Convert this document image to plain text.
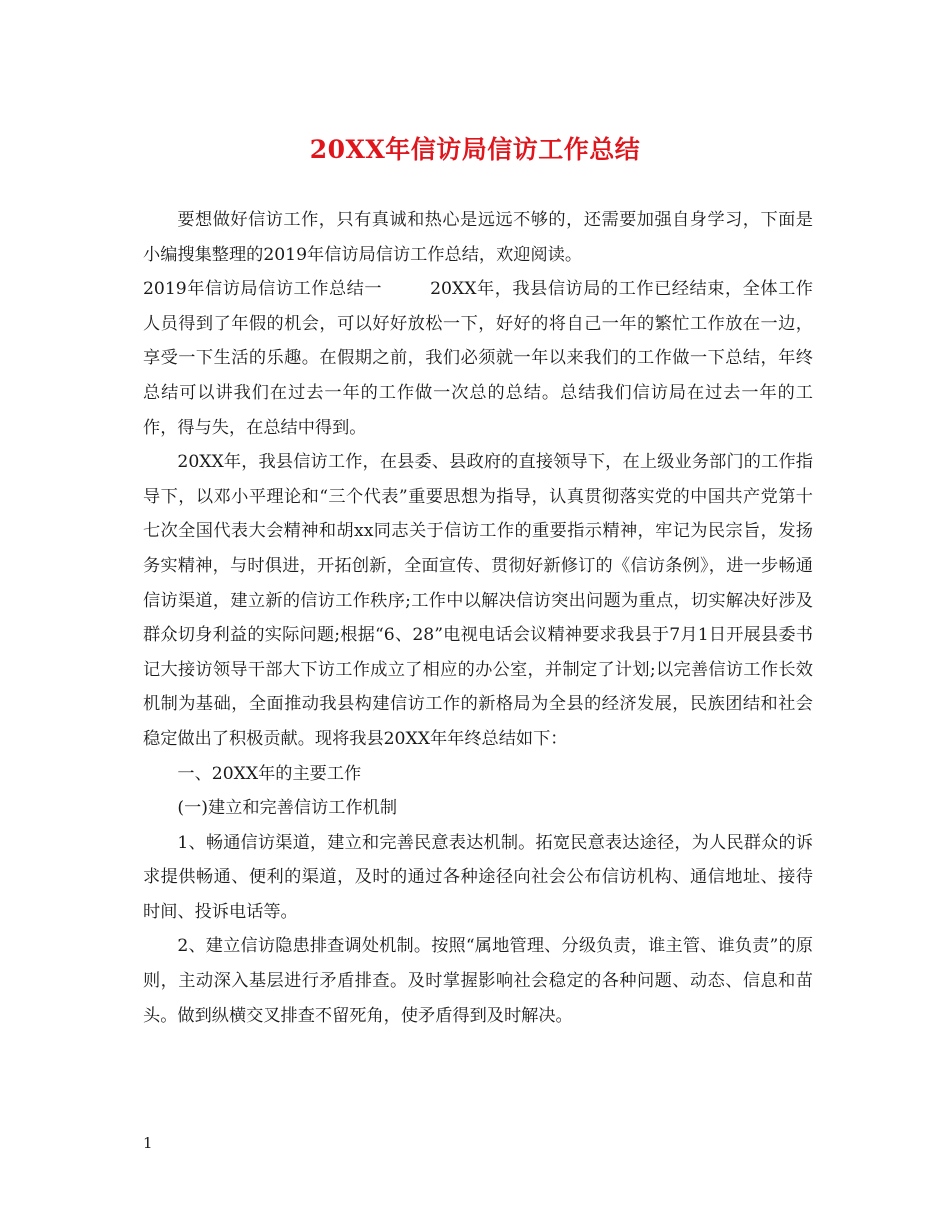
20XX年信访局信访工作总结

要想做好信访工作，只有真诚和热心是远远不够的，还需要加强自身学习，下面是小编搜集整理的2019年信访局信访工作总结，欢迎阅读。

2019年信访局信访工作总结一	20XX年，我县信访局的工作已经结束，全体工作人员得到了年假的机会，可以好好放松一下，好好的将自己一年的繁忙工作放在一边，享受一下生活的乐趣。在假期之前，我们必须就一年以来我们的工作做一下总结，年终总结可以讲我们在过去一年的工作做一次总的总结。总结我们信访局在过去一年的工作，得与失，在总结中得到。

20XX年，我县信访工作，在县委、县政府的直接领导下，在上级业务部门的工作指导下，以邓小平理论和“三个代表”重要思想为指导，认真贯彻落实党的中国共产党第十七次全国代表大会精神和胡xx同志关于信访工作的重要指示精神，牢记为民宗旨，发扬务实精神，与时俱进，开拓创新，全面宣传、贯彻好新修订的《信访条例》，进一步畅通信访渠道，建立新的信访工作秩序;工作中以解决信访突出问题为重点，切实解决好涉及群众切身利益的实际问题;根据“6、28”电视电话会议精神要求我县于7月1日开展县委书记大接访领导干部大下访工作成立了相应的办公室，并制定了计划;以完善信访工作长效机制为基础，全面推动我县构建信访工作的新格局为全县的经济发展，民族团结和社会稳定做出了积极贡献。现将我县20XX年年终总结如下：

一、20XX年的主要工作

(一)建立和完善信访工作机制

1、畅通信访渠道，建立和完善民意表达机制。拓宽民意表达途径，为人民群众的诉求提供畅通、便利的渠道，及时的通过各种途径向社会公布信访机构、通信地址、接待时间、投诉电话等。

2、建立信访隐患排查调处机制。按照“属地管理、分级负责，谁主管、谁负责”的原则，主动深入基层进行矛盾排查。及时掌握影响社会稳定的各种问题、动态、信息和苗头。做到纵横交叉排查不留死角，使矛盾得到及时解决。

1
